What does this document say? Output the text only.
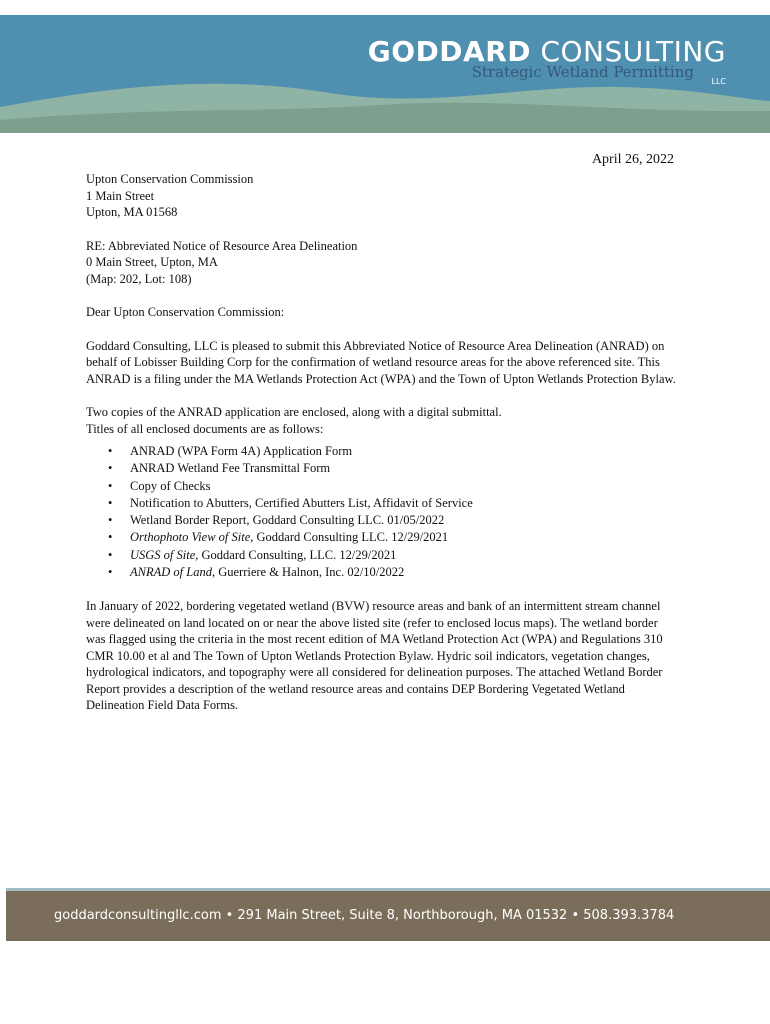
GODDARD CONSULTING
LLC
Strategic Wetland Permitting
April 26, 2022

Upton Conservation Commission

1 Main Street

Upton, MA 01568

RE: Abbreviated Notice of Resource Area Delineation

0 Main Street, Upton, MA

(Map: 202, Lot: 108)

Dear Upton Conservation Commission:

Goddard Consulting, LLC is pleased to submit this Abbreviated Notice of Resource Area Delineation (ANRAD) on behalf of Lobisser Building Corp for the confirmation of wetland resource areas for the above referenced site. This ANRAD is a filing under the MA Wetlands Protection Act (WPA) and the Town of Upton Wetlands Protection Bylaw.

Two copies of the ANRAD application are enclosed, along with a digital submittal.

Titles of all enclosed documents are as follows:

• ANRAD (WPA Form 4A) Application Form
• ANRAD Wetland Fee Transmittal Form
• Copy of Checks
• Notification to Abutters, Certified Abutters List, Affidavit of Service
• Wetland Border Report, Goddard Consulting LLC. 01/05/2022
• Orthophoto View of Site, Goddard Consulting LLC. 12/29/2021
• USGS of Site, Goddard Consulting, LLC. 12/29/2021
• ANRAD of Land, Guerriere & Halnon, Inc. 02/10/2022

In January of 2022, bordering vegetated wetland (BVW) resource areas and bank of an intermittent stream channel were delineated on land located on or near the above listed site (refer to enclosed locus maps). The wetland border was flagged using the criteria in the most recent edition of MA Wetland Protection Act (WPA) and Regulations 310 CMR 10.00 et al and The Town of Upton Wetlands Protection Bylaw. Hydric soil indicators, vegetation changes, hydrological indicators, and topography were all considered for delineation purposes. The attached Wetland Border Report provides a description of the wetland resource areas and contains DEP Bordering Vegetated Wetland Delineation Field Data Forms.

goddardconsultingllc.com • 291 Main Street, Suite 8, Northborough, MA 01532 • 508.393.3784
